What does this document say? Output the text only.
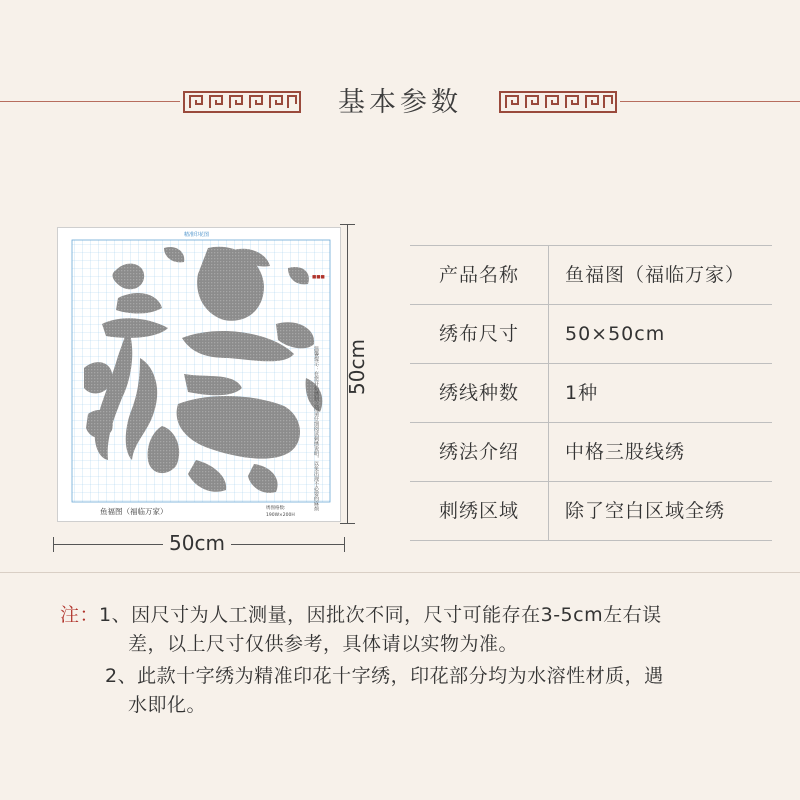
基本参数
精准印花图
■■■
温馨提示：在您开始绣制之前请仔细阅读刺绣说明，以免出现不必要的麻烦
鱼福图（福临万家）	绣图格数:
190W×200H
50cm
50cm
产品名称	鱼福图（福临万家）
绣布尺寸	50×50cm
绣线种数	1种
绣法介绍	中格三股线绣
刺绣区域	除了空白区域全绣
注：1、因尺寸为人工测量，因批次不同，尺寸可能存在3-5cm左右误
差，以上尺寸仅供参考，具体请以实物为准。
2、此款十字绣为精准印花十字绣，印花部分均为水溶性材质，遇
水即化。
